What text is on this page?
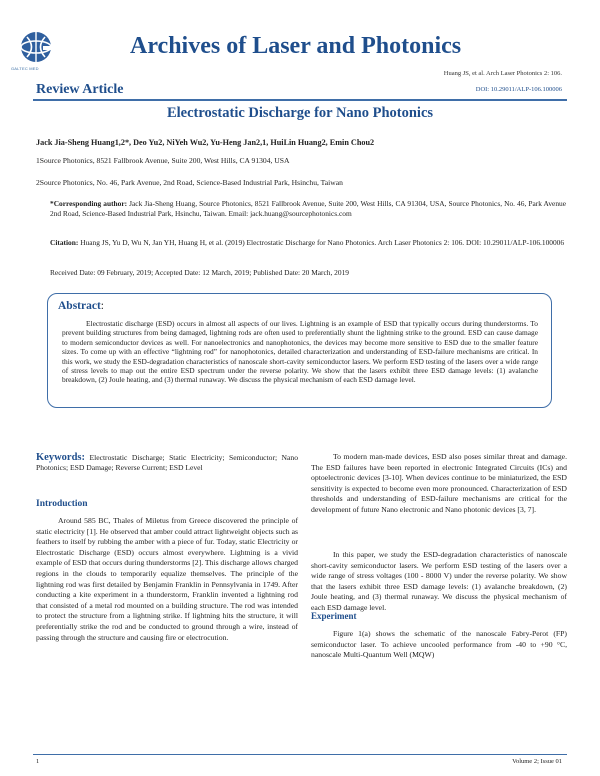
GALTEC MED
Archives of Laser and Photonics
Huang JS, et al. Arch Laser Photonics 2: 106.
Review Article	DOI: 10.29011/ALP-106.100006
Electrostatic Discharge for Nano Photonics
Jack Jia-Sheng Huang1,2*, Deo Yu2, NiYeh Wu2, Yu-Heng Jan2,1, HuiLin Huang2, Emin Chou2
1Source Photonics, 8521 Fallbrook Avenue, Suite 200, West Hills, CA 91304, USA
2Source Photonics, No. 46, Park Avenue, 2nd Road, Science-Based Industrial Park, Hsinchu, Taiwan
*Corresponding author: Jack Jia-Sheng Huang, Source Photonics, 8521 Fallbrook Avenue, Suite 200, West Hills, CA 91304, USA, Source Photonics, No. 46, Park Avenue 2nd Road, Science-Based Industrial Park, Hsinchu, Taiwan. Email: jack.huang@sourcephotonics.com
Citation: Huang JS, Yu D, Wu N, Jan YH, Huang H, et al. (2019) Electrostatic Discharge for Nano Photonics. Arch Laser Photonics 2: 106. DOI: 10.29011/ALP-106.100006
Received Date: 09 February, 2019; Accepted Date: 12 March, 2019; Published Date: 20 March, 2019
Abstract:
Electrostatic discharge (ESD) occurs in almost all aspects of our lives. Lightning is an example of ESD that typically occurs during thunderstorms. To prevent building structures from being damaged, lightning rods are often used to preferentially shunt the lightning strike to the ground. ESD can cause damage to modern semiconductor devices as well. For nanoelectronics and nanophotonics, the devices may become more sensitive to ESD due to the smaller feature sizes. To come up with an effective “lightning rod” for nanophotonics, detailed characterization and understanding of ESD-failure mechanisms are critical. In this work, we study the ESD-degradation characteristics of nanoscale short-cavity semiconductor lasers. We perform ESD testing of the lasers over a wide range of stress levels to map out the entire ESD spectrum under the reverse polarity. We show that the lasers exhibit three ESD damage levels: (1) avalanche breakdown, (2) Joule heating, and (3) thermal runaway. We discuss the physical mechanism of each ESD damage level.
Keywords: Electrostatic Discharge; Static Electricity; Semiconductor; Nano Photonics; ESD Damage; Reverse Current; ESD Level
Introduction
Around 585 BC, Thales of Miletus from Greece discovered the principle of static electricity [1]. He observed that amber could attract lightweight objects such as feathers to itself by rubbing the amber with a piece of fur. Today, static Electricity or Electrostatic Discharge (ESD) occurs almost everywhere. Lightning is a vivid example of ESD that occurs during thunderstorms [2]. This discharge allows charged regions in the clouds to temporarily equalize themselves. The principle of the lightning rod was first detailed by Benjamin Franklin in Pennsylvania in 1749. After conducting a kite experiment in a thunderstorm, Franklin invented a lightning rod that consisted of a metal rod mounted on a building structure. The rod was intended to protect the structure from a lightning strike. If lightning hits the structure, it will preferentially strike the rod and be conducted to ground through a wire, instead of passing through the structure and causing fire or electrocution.
To modern man-made devices, ESD also poses similar threat and damage. The ESD failures have been reported in electronic Integrated Circuits (ICs) and optoelectronic devices [3-10]. When devices continue to be miniaturized, the ESD sensitivity is expected to become even more pronounced. Characterization of ESD thresholds and understanding of ESD-failure mechanisms are critical for the development of future Nano electronic and Nano photonic devices [3, 7].
In this paper, we study the ESD-degradation characteristics of nanoscale short-cavity semiconductor lasers. We perform ESD testing of the lasers over a wide range of stress voltages (100 - 8000 V) under the reverse polarity. We show that the lasers exhibit three ESD damage levels: (1) avalanche breakdown, (2) Joule heating, and (3) thermal runaway. We discuss the physical mechanism of each ESD damage level.
Experiment
Figure 1(a) shows the schematic of the nanoscale Fabry-Perot (FP) semiconductor laser. To achieve uncooled performance from -40 to +90 °C, nanoscale Multi-Quantum Well (MQW)
1	Volume 2; Issue 01
